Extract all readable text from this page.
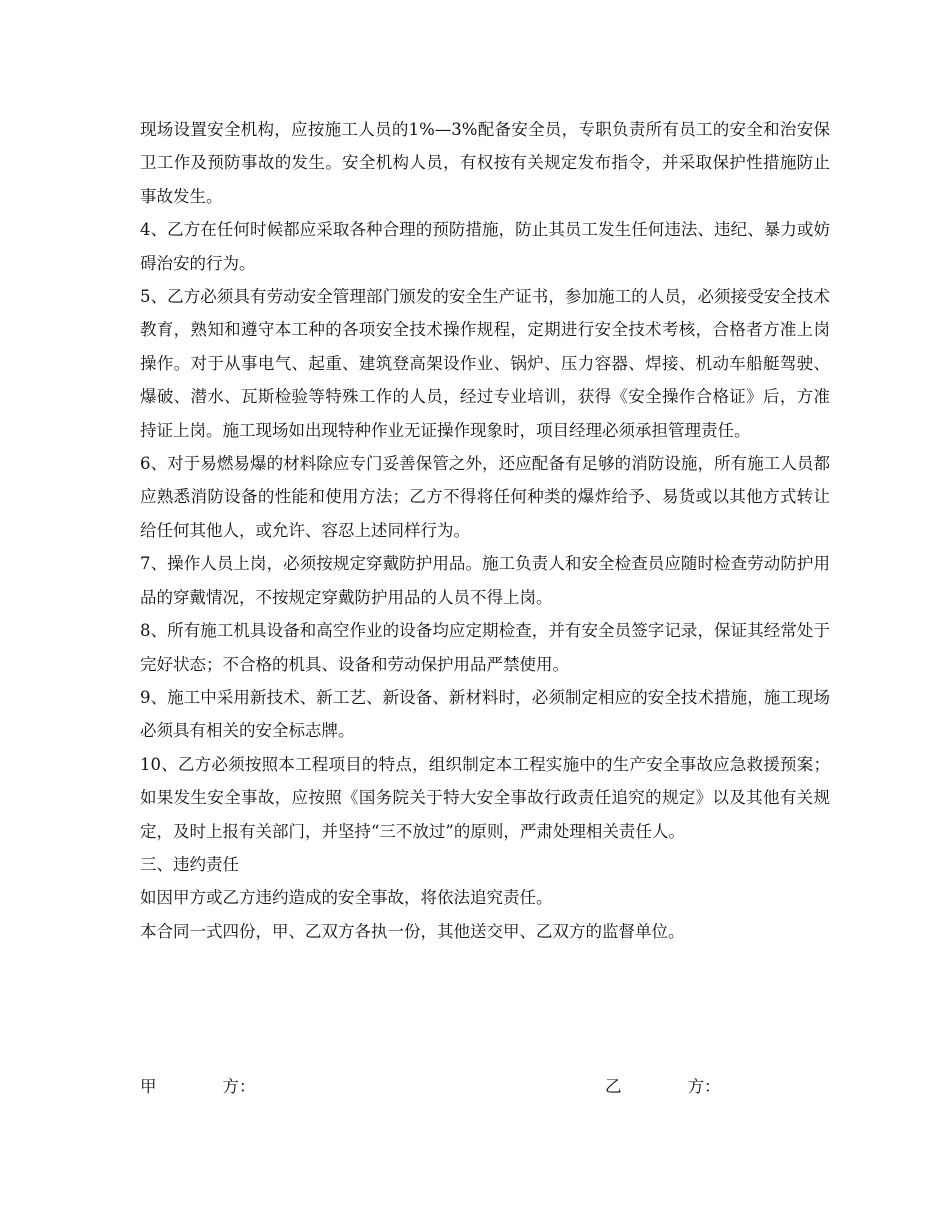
现场设置安全机构，应按施工人员的1%—3%配备安全员，专职负责所有员工的安全和治安保卫工作及预防事故的发生。安全机构人员，有权按有关规定发布指令，并采取保护性措施防止事故发生。

4、乙方在任何时候都应采取各种合理的预防措施，防止其员工发生任何违法、违纪、暴力或妨碍治安的行为。

5、乙方必须具有劳动安全管理部门颁发的安全生产证书，参加施工的人员，必须接受安全技术教育，熟知和遵守本工种的各项安全技术操作规程，定期进行安全技术考核，合格者方准上岗操作。对于从事电气、起重、建筑登高架设作业、锅炉、压力容器、焊接、机动车船艇驾驶、爆破、潜水、瓦斯检验等特殊工作的人员，经过专业培训，获得《安全操作合格证》后，方准持证上岗。施工现场如出现特种作业无证操作现象时，项目经理必须承担管理责任。

6、对于易燃易爆的材料除应专门妥善保管之外，还应配备有足够的消防设施，所有施工人员都应熟悉消防设备的性能和使用方法；乙方不得将任何种类的爆炸给予、易货或以其他方式转让给任何其他人，或允许、容忍上述同样行为。

7、操作人员上岗，必须按规定穿戴防护用品。施工负责人和安全检查员应随时检查劳动防护用品的穿戴情况，不按规定穿戴防护用品的人员不得上岗。

8、所有施工机具设备和高空作业的设备均应定期检查，并有安全员签字记录，保证其经常处于完好状态；不合格的机具、设备和劳动保护用品严禁使用。

9、施工中采用新技术、新工艺、新设备、新材料时，必须制定相应的安全技术措施，施工现场必须具有相关的安全标志牌。

10、乙方必须按照本工程项目的特点，组织制定本工程实施中的生产安全事故应急救援预案；如果发生安全事故，应按照《国务院关于特大安全事故行政责任追究的规定》以及其他有关规定，及时上报有关部门，并坚持“三不放过”的原则，严肃处理相关责任人。

三、违约责任

如因甲方或乙方违约造成的安全事故，将依法追究责任。

本合同一式四份，甲、乙双方各执一份，其他送交甲、乙双方的监督单位。

甲　　　　方：	乙　　　　方：
